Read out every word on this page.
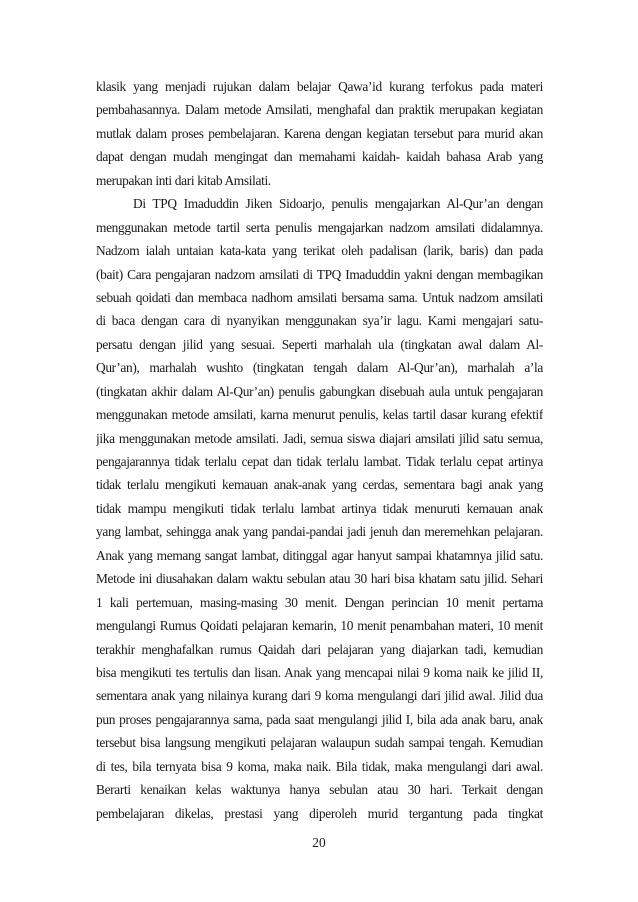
klasik yang menjadi rujukan dalam belajar Qawa’id kurang terfokus pada materi
pembahasannya. Dalam metode Amsilati, menghafal dan praktik merupakan kegiatan
mutlak dalam proses pembelajaran. Karena dengan kegiatan tersebut para murid akan
dapat dengan mudah mengingat dan memahami kaidah- kaidah bahasa Arab yang
merupakan inti dari kitab Amsilati.
Di TPQ Imaduddin Jiken Sidoarjo, penulis mengajarkan Al-Qur’an dengan
menggunakan metode tartil serta penulis mengajarkan nadzom amsilati didalamnya.
Nadzom ialah untaian kata-kata yang terikat oleh padalisan (larik, baris) dan pada
(bait) Cara pengajaran nadzom amsilati di TPQ Imaduddin yakni dengan membagikan
sebuah qoidati dan membaca nadhom amsilati bersama sama. Untuk nadzom amsilati
di baca dengan cara di nyanyikan menggunakan sya’ir lagu. Kami mengajari satu-
persatu dengan jilid yang sesuai. Seperti marhalah ula (tingkatan awal dalam Al-
Qur’an), marhalah wushto (tingkatan tengah dalam Al-Qur’an), marhalah a’la
(tingkatan akhir dalam Al-Qur’an) penulis gabungkan disebuah aula untuk pengajaran
menggunakan metode amsilati, karna menurut penulis, kelas tartil dasar kurang efektif
jika menggunakan metode amsilati. Jadi, semua siswa diajari amsilati jilid satu semua,
pengajarannya tidak terlalu cepat dan tidak terlalu lambat. Tidak terlalu cepat artinya
tidak terlalu mengikuti kemauan anak-anak yang cerdas, sementara bagi anak yang
tidak mampu mengikuti tidak terlalu lambat artinya tidak menuruti kemauan anak
yang lambat, sehingga anak yang pandai-pandai jadi jenuh dan meremehkan pelajaran.
Anak yang memang sangat lambat, ditinggal agar hanyut sampai khatamnya jilid satu.
Metode ini diusahakan dalam waktu sebulan atau 30 hari bisa khatam satu jilid. Sehari
1 kali pertemuan, masing-masing 30 menit. Dengan perincian 10 menit pertama
mengulangi Rumus Qoidati pelajaran kemarin, 10 menit penambahan materi, 10 menit
terakhir menghafalkan rumus Qaidah dari pelajaran yang diajarkan tadi, kemudian
bisa mengikuti tes tertulis dan lisan. Anak yang mencapai nilai 9 koma naik ke jilid II,
sementara anak yang nilainya kurang dari 9 koma mengulangi dari jilid awal. Jilid dua
pun proses pengajarannya sama, pada saat mengulangi jilid I, bila ada anak baru, anak
tersebut bisa langsung mengikuti pelajaran walaupun sudah sampai tengah. Kemudian
di tes, bila ternyata bisa 9 koma, maka naik. Bila tidak, maka mengulangi dari awal.
Berarti kenaikan kelas waktunya hanya sebulan atau 30 hari. Terkait dengan
pembelajaran dikelas, prestasi yang diperoleh murid tergantung pada tingkat
20
